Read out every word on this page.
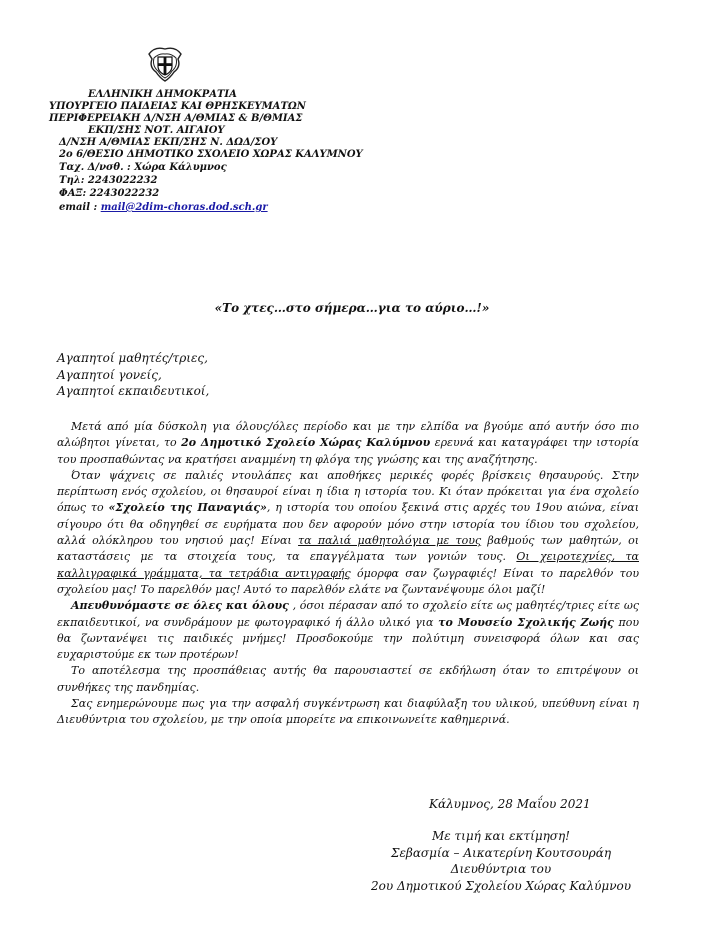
ΕΛΛΗΝΙΚΗ ΔΗΜΟΚΡΑΤΙΑ
ΥΠΟΥΡΓΕΙΟ ΠΑΙΔΕΙΑΣ ΚΑΙ ΘΡΗΣΚΕΥΜΑΤΩΝ
ΠΕΡΙΦΕΡΕΙΑΚΗ Δ/ΝΣΗ Α/ΘΜΙΑΣ & Β/ΘΜΙΑΣ
ΕΚΠ/ΣΗΣ ΝΟΤ. ΑΙΓΑΙΟΥ
Δ/ΝΣΗ Α/ΘΜΙΑΣ ΕΚΠ/ΣΗΣ Ν. ΔΩΔ/ΣΟΥ
2ο 6/ΘΕΣΙΟ ΔΗΜΟΤΙΚΟ ΣΧΟΛΕΙΟ ΧΩΡΑΣ ΚΑΛΥΜΝΟΥ
Ταχ. Δ/νσθ. : Χώρα Κάλυμνος
Τηλ: 2243022232
ΦΑΞ: 2243022232
email : mail@2dim-choras.dod.sch.gr
«Το χτες…στο σήμερα…για το αύριο…!»
Αγαπητοί μαθητές/τριες,
Αγαπητοί γονείς,
Αγαπητοί εκπαιδευτικοί,

Μετά από μία δύσκολη για όλους/όλες περίοδο και με την ελπίδα να βγούμε από αυτήν όσο πιο αλώβητοι γίνεται, το 2ο Δημοτικό Σχολείο Χώρας Καλύμνου ερευνά και καταγράφει την ιστορία του προσπαθώντας να κρατήσει αναμμένη τη φλόγα της γνώσης και της αναζήτησης.

Όταν ψάχνεις σε παλιές ντουλάπες και αποθήκες μερικές φορές βρίσκεις θησαυρούς. Στην περίπτωση ενός σχολείου, οι θησαυροί είναι η ίδια η ιστορία του. Κι όταν πρόκειται για ένα σχολείο όπως το «Σχολείο της Παναγιάς», η ιστορία του οποίου ξεκινά στις αρχές του 19ου αιώνα, είναι σίγουρο ότι θα οδηγηθεί σε ευρήματα που δεν αφορούν μόνο στην ιστορία του ίδιου του σχολείου, αλλά ολόκληρου του νησιού μας! Είναι τα παλιά μαθητολόγια με τους βαθμούς των μαθητών, οι καταστάσεις με τα στοιχεία τους, τα επαγγέλματα των γονιών τους. Οι χειροτεχνίες, τα καλλιγραφικά γράμματα, τα τετράδια αντιγραφής όμορφα σαν ζωγραφιές! Είναι το παρελθόν του σχολείου μας! Το παρελθόν μας! Αυτό το παρελθόν ελάτε να ζωντανέψουμε όλοι μαζί!

Απευθυνόμαστε σε όλες και όλους , όσοι πέρασαν από το σχολείο είτε ως μαθητές/τριες είτε ως εκπαιδευτικοί, να συνδράμουν με φωτογραφικό ή άλλο υλικό για το Μουσείο Σχολικής Ζωής που θα ζωντανέψει τις παιδικές μνήμες! Προσδοκούμε την πολύτιμη συνεισφορά όλων και σας ευχαριστούμε εκ των προτέρων!

Το αποτέλεσμα της προσπάθειας αυτής θα παρουσιαστεί σε εκδήλωση όταν το επιτρέψουν οι συνθήκες της πανδημίας.

Σας ενημερώνουμε πως για την ασφαλή συγκέντρωση και διαφύλαξη του υλικού, υπεύθυνη είναι η Διευθύντρια του σχολείου, με την οποία μπορείτε να επικοινωνείτε καθημερινά.

Κάλυμνος, 28 Μαΐου 2021
Με τιμή και εκτίμηση!
Σεβασμία – Αικατερίνη Κουτσουράη
Διευθύντρια του
2ου Δημοτικού Σχολείου Χώρας Καλύμνου
